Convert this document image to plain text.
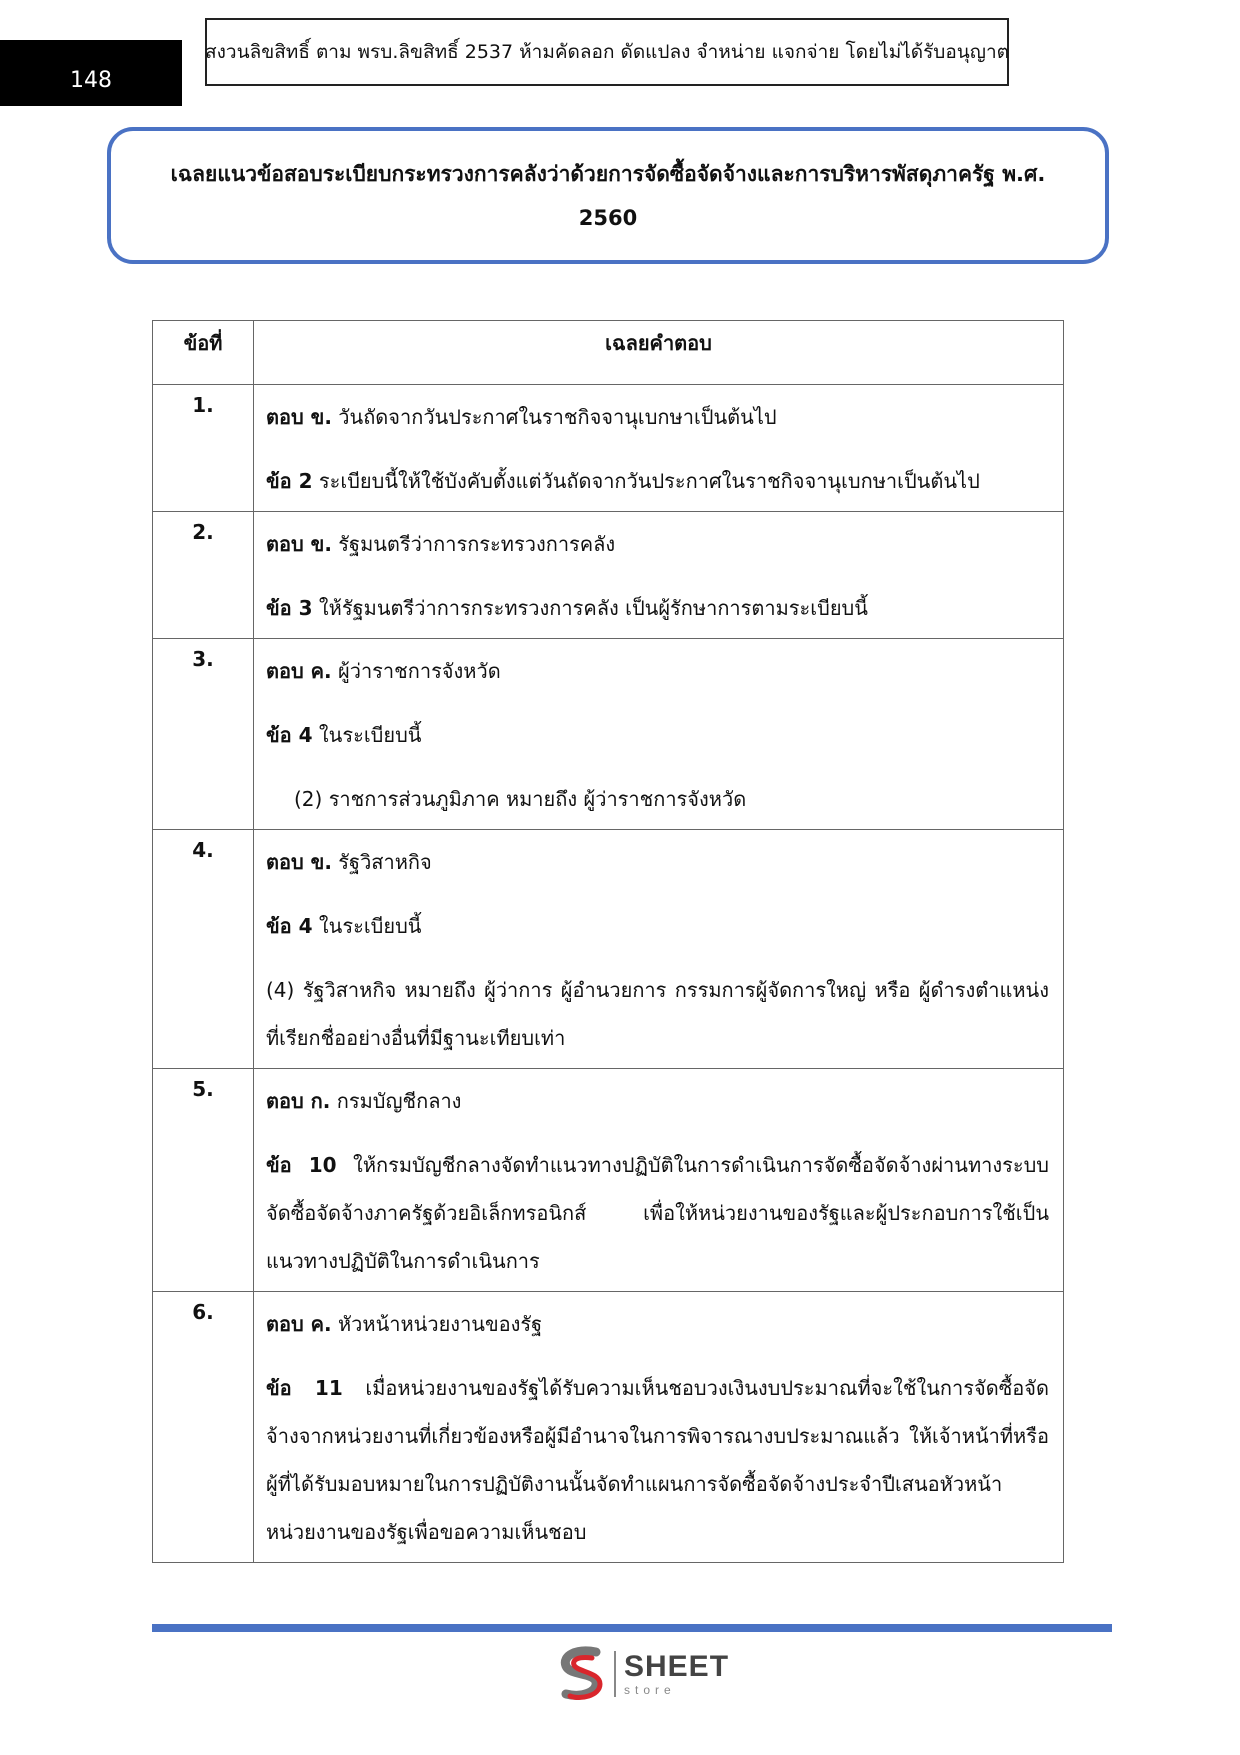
148
สงวนลิขสิทธิ์ ตาม พรบ.ลิขสิทธิ์ 2537 ห้ามคัดลอก ดัดแปลง จำหน่าย แจกจ่าย โดยไม่ได้รับอนุญาต
เฉลยแนวข้อสอบระเบียบกระทรวงการคลังว่าด้วยการจัดซื้อจัดจ้างและการบริหารพัสดุภาครัฐ พ.ศ.
2560
ข้อที่	เฉลยคำตอบ
1.	ตอบ ข. วันถัดจากวันประกาศในราชกิจจานุเบกษาเป็นต้นไป

ข้อ 2 ระเบียบนี้ให้ใช้บังคับตั้งแต่วันถัดจากวันประกาศในราชกิจจานุเบกษาเป็นต้นไป

2.	ตอบ ข. รัฐมนตรีว่าการกระทรวงการคลัง

ข้อ 3 ให้รัฐมนตรีว่าการกระทรวงการคลัง เป็นผู้รักษาการตามระเบียบนี้

3.	ตอบ ค. ผู้ว่าราชการจังหวัด

ข้อ 4 ในระเบียบนี้

(2) ราชการส่วนภูมิภาค หมายถึง ผู้ว่าราชการจังหวัด

4.	ตอบ ข. รัฐวิสาหกิจ

ข้อ 4 ในระเบียบนี้

(4) รัฐวิสาหกิจ หมายถึง ผู้ว่าการ ผู้อำนวยการ กรรมการผู้จัดการใหญ่ หรือ ผู้ดำรงตำแหน่ง ที่เรียกชื่ออย่างอื่นที่มีฐานะเทียบเท่า

5.	ตอบ ก. กรมบัญชีกลาง

ข้อ 10 ให้กรมบัญชีกลางจัดทำแนวทางปฏิบัติในการดำเนินการจัดซื้อจัดจ้างผ่านทางระบบจัดซื้อจัดจ้างภาครัฐด้วยอิเล็กทรอนิกส์ เพื่อให้หน่วยงานของรัฐและผู้ประกอบการใช้เป็นแนวทางปฏิบัติในการดำเนินการ

6.	ตอบ ค. หัวหน้าหน่วยงานของรัฐ

ข้อ 11 เมื่อหน่วยงานของรัฐได้รับความเห็นชอบวงเงินงบประมาณที่จะใช้ในการจัดซื้อจัดจ้างจากหน่วยงานที่เกี่ยวข้องหรือผู้มีอำนาจในการพิจารณางบประมาณแล้ว ให้เจ้าหน้าที่หรือผู้ที่ได้รับมอบหมายในการปฏิบัติงานนั้นจัดทำแผนการจัดซื้อจัดจ้างประจำปีเสนอหัวหน้าหน่วยงานของรัฐเพื่อขอความเห็นชอบ

SHEET
store
